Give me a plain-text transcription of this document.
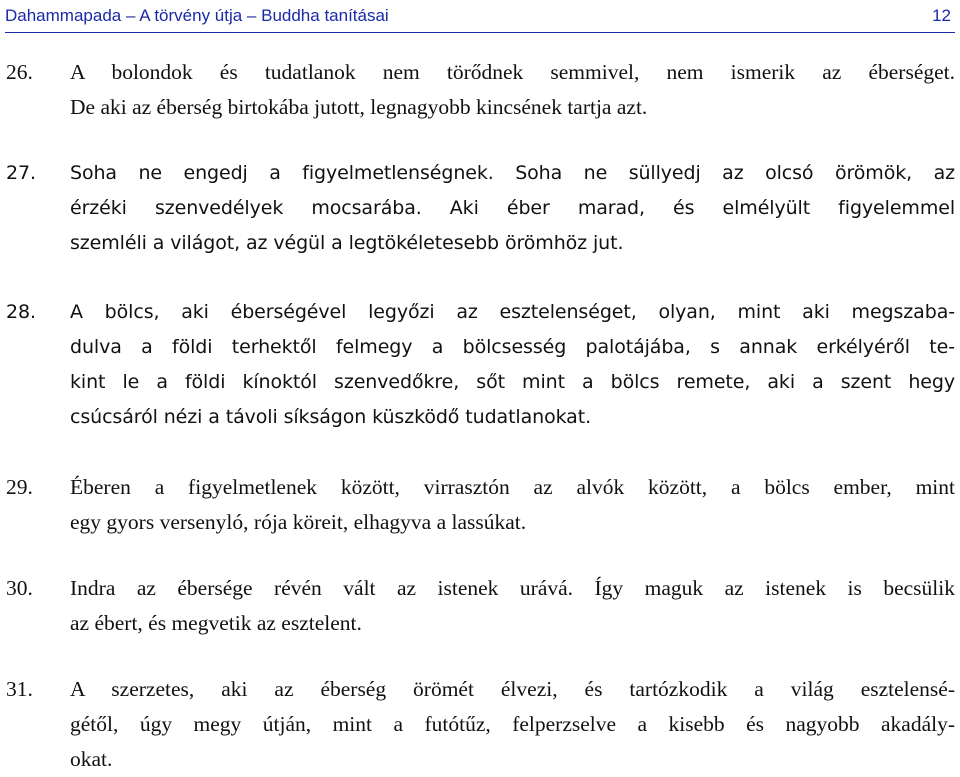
Dahammapada – A törvény útja – Buddha tanításai	12
26. A bolondok és tudatlanok nem törődnek semmivel, nem ismerik az éberséget.
De aki az éberség birtokába jutott, legnagyobb kincsének tartja azt.
27. Soha ne engedj a figyelmetlenségnek. Soha ne süllyedj az olcsó örömök, az
érzéki szenvedélyek mocsarába. Aki éber marad, és elmélyült figyelemmel
szemléli a világot, az végül a legtökéletesebb örömhöz jut.
28. A bölcs, aki éberségével legyőzi az esztelenséget, olyan, mint aki megszaba-
dulva a földi terhektől felmegy a bölcsesség palotájába, s annak erkélyéről te-
kint le a földi kínoktól szenvedőkre, sőt mint a bölcs remete, aki a szent hegy
csúcsáról nézi a távoli síkságon küszködő tudatlanokat.
29. Éberen a figyelmetlenek között, virrasztón az alvók között, a bölcs ember, mint
egy gyors versenyló, rója köreit, elhagyva a lassúkat.
30. Indra az ébersége révén vált az istenek urává. Így maguk az istenek is becsülik
az ébert, és megvetik az esztelent.
31. A szerzetes, aki az éberség örömét élvezi, és tartózkodik a világ esztelensé-
gétől, úgy megy útján, mint a futótűz, felperzselve a kisebb és nagyobb akadály-
okat.
